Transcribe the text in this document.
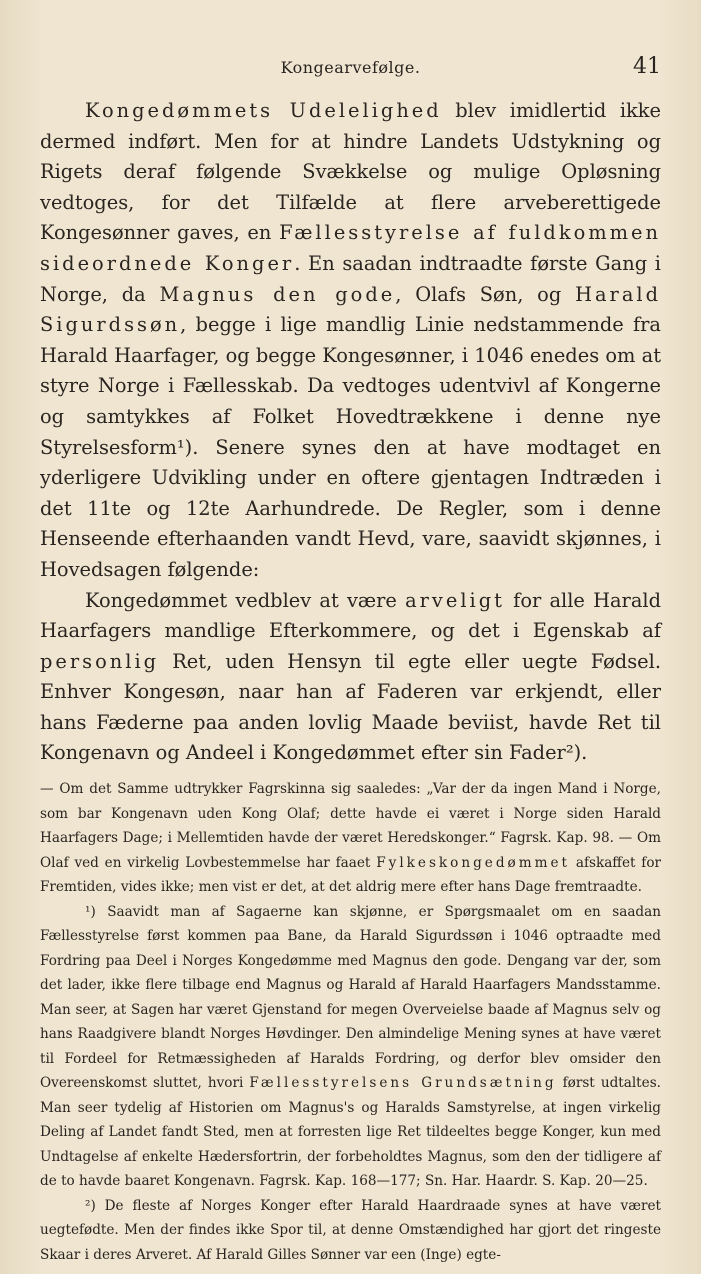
Kongearvefølge.	41

Kongedømmets Udelelighed blev imidlertid ikke dermed indført. Men for at hindre Landets Udstykning og Rigets deraf følgende Svækkelse og mulige Opløsning vedtoges, for det Tilfælde at flere arveberettigede Kongesønner gaves, en Fællesstyrelse af fuldkommen sideordnede Konger. En saadan indtraadte første Gang i Norge, da Magnus den gode, Olafs Søn, og Harald Sigurdssøn, begge i lige mandlig Linie nedstammende fra Harald Haarfager, og begge Kongesønner, i 1046 enedes om at styre Norge i Fællesskab. Da vedtoges udentvivl af Kongerne og samtykkes af Folket Hovedtrækkene i denne nye Styrelsesform¹). Senere synes den at have modtaget en yderligere Udvikling under en oftere gjentagen Indtræden i det 11te og 12te Aarhundrede. De Regler, som i denne Henseende efterhaanden vandt Hevd, vare, saavidt skjønnes, i Hovedsagen følgende:

Kongedømmet vedblev at være arveligt for alle Harald Haarfagers mandlige Efterkommere, og det i Egenskab af personlig Ret, uden Hensyn til egte eller uegte Fødsel. Enhver Kongesøn, naar han af Faderen var erkjendt, eller hans Fæderne paa anden lovlig Maade beviist, havde Ret til Kongenavn og Andeel i Kongedømmet efter sin Fader²).

— Om det Samme udtrykker Fagrskinna sig saaledes: „Var der da ingen Mand i Norge, som bar Kongenavn uden Kong Olaf; dette havde ei været i Norge siden Harald Haarfagers Dage; i Mellemtiden havde der været Heredskonger.“ Fagrsk. Kap. 98. — Om Olaf ved en virkelig Lovbestemmelse har faaet Fylkeskongedømmet afskaffet for Fremtiden, vides ikke; men vist er det, at det aldrig mere efter hans Dage fremtraadte.

¹) Saavidt man af Sagaerne kan skjønne, er Spørgsmaalet om en saadan Fællesstyrelse først kommen paa Bane, da Harald Sigurdssøn i 1046 optraadte med Fordring paa Deel i Norges Kongedømme med Magnus den gode. Dengang var der, som det lader, ikke flere tilbage end Magnus og Harald af Harald Haarfagers Mandsstamme. Man seer, at Sagen har været Gjenstand for megen Overveielse baade af Magnus selv og hans Raadgivere blandt Norges Høvdinger. Den almindelige Mening synes at have været til Fordeel for Retmæssigheden af Haralds Fordring, og derfor blev omsider den Overeenskomst sluttet, hvori Fællesstyrelsens Grundsætning først udtaltes. Man seer tydelig af Historien om Magnus's og Haralds Samstyrelse, at ingen virkelig Deling af Landet fandt Sted, men at forresten lige Ret tildeeltes begge Konger, kun med Undtagelse af enkelte Hædersfortrin, der forbeholdtes Magnus, som den der tidligere af de to havde baaret Kongenavn. Fagrsk. Kap. 168—177; Sn. Har. Haardr. S. Kap. 20—25.

²) De fleste af Norges Konger efter Harald Haardraade synes at have været uegtefødte. Men der findes ikke Spor til, at denne Omstændighed har gjort det ringeste Skaar i deres Arveret. Af Harald Gilles Sønner var een (Inge) egte-
